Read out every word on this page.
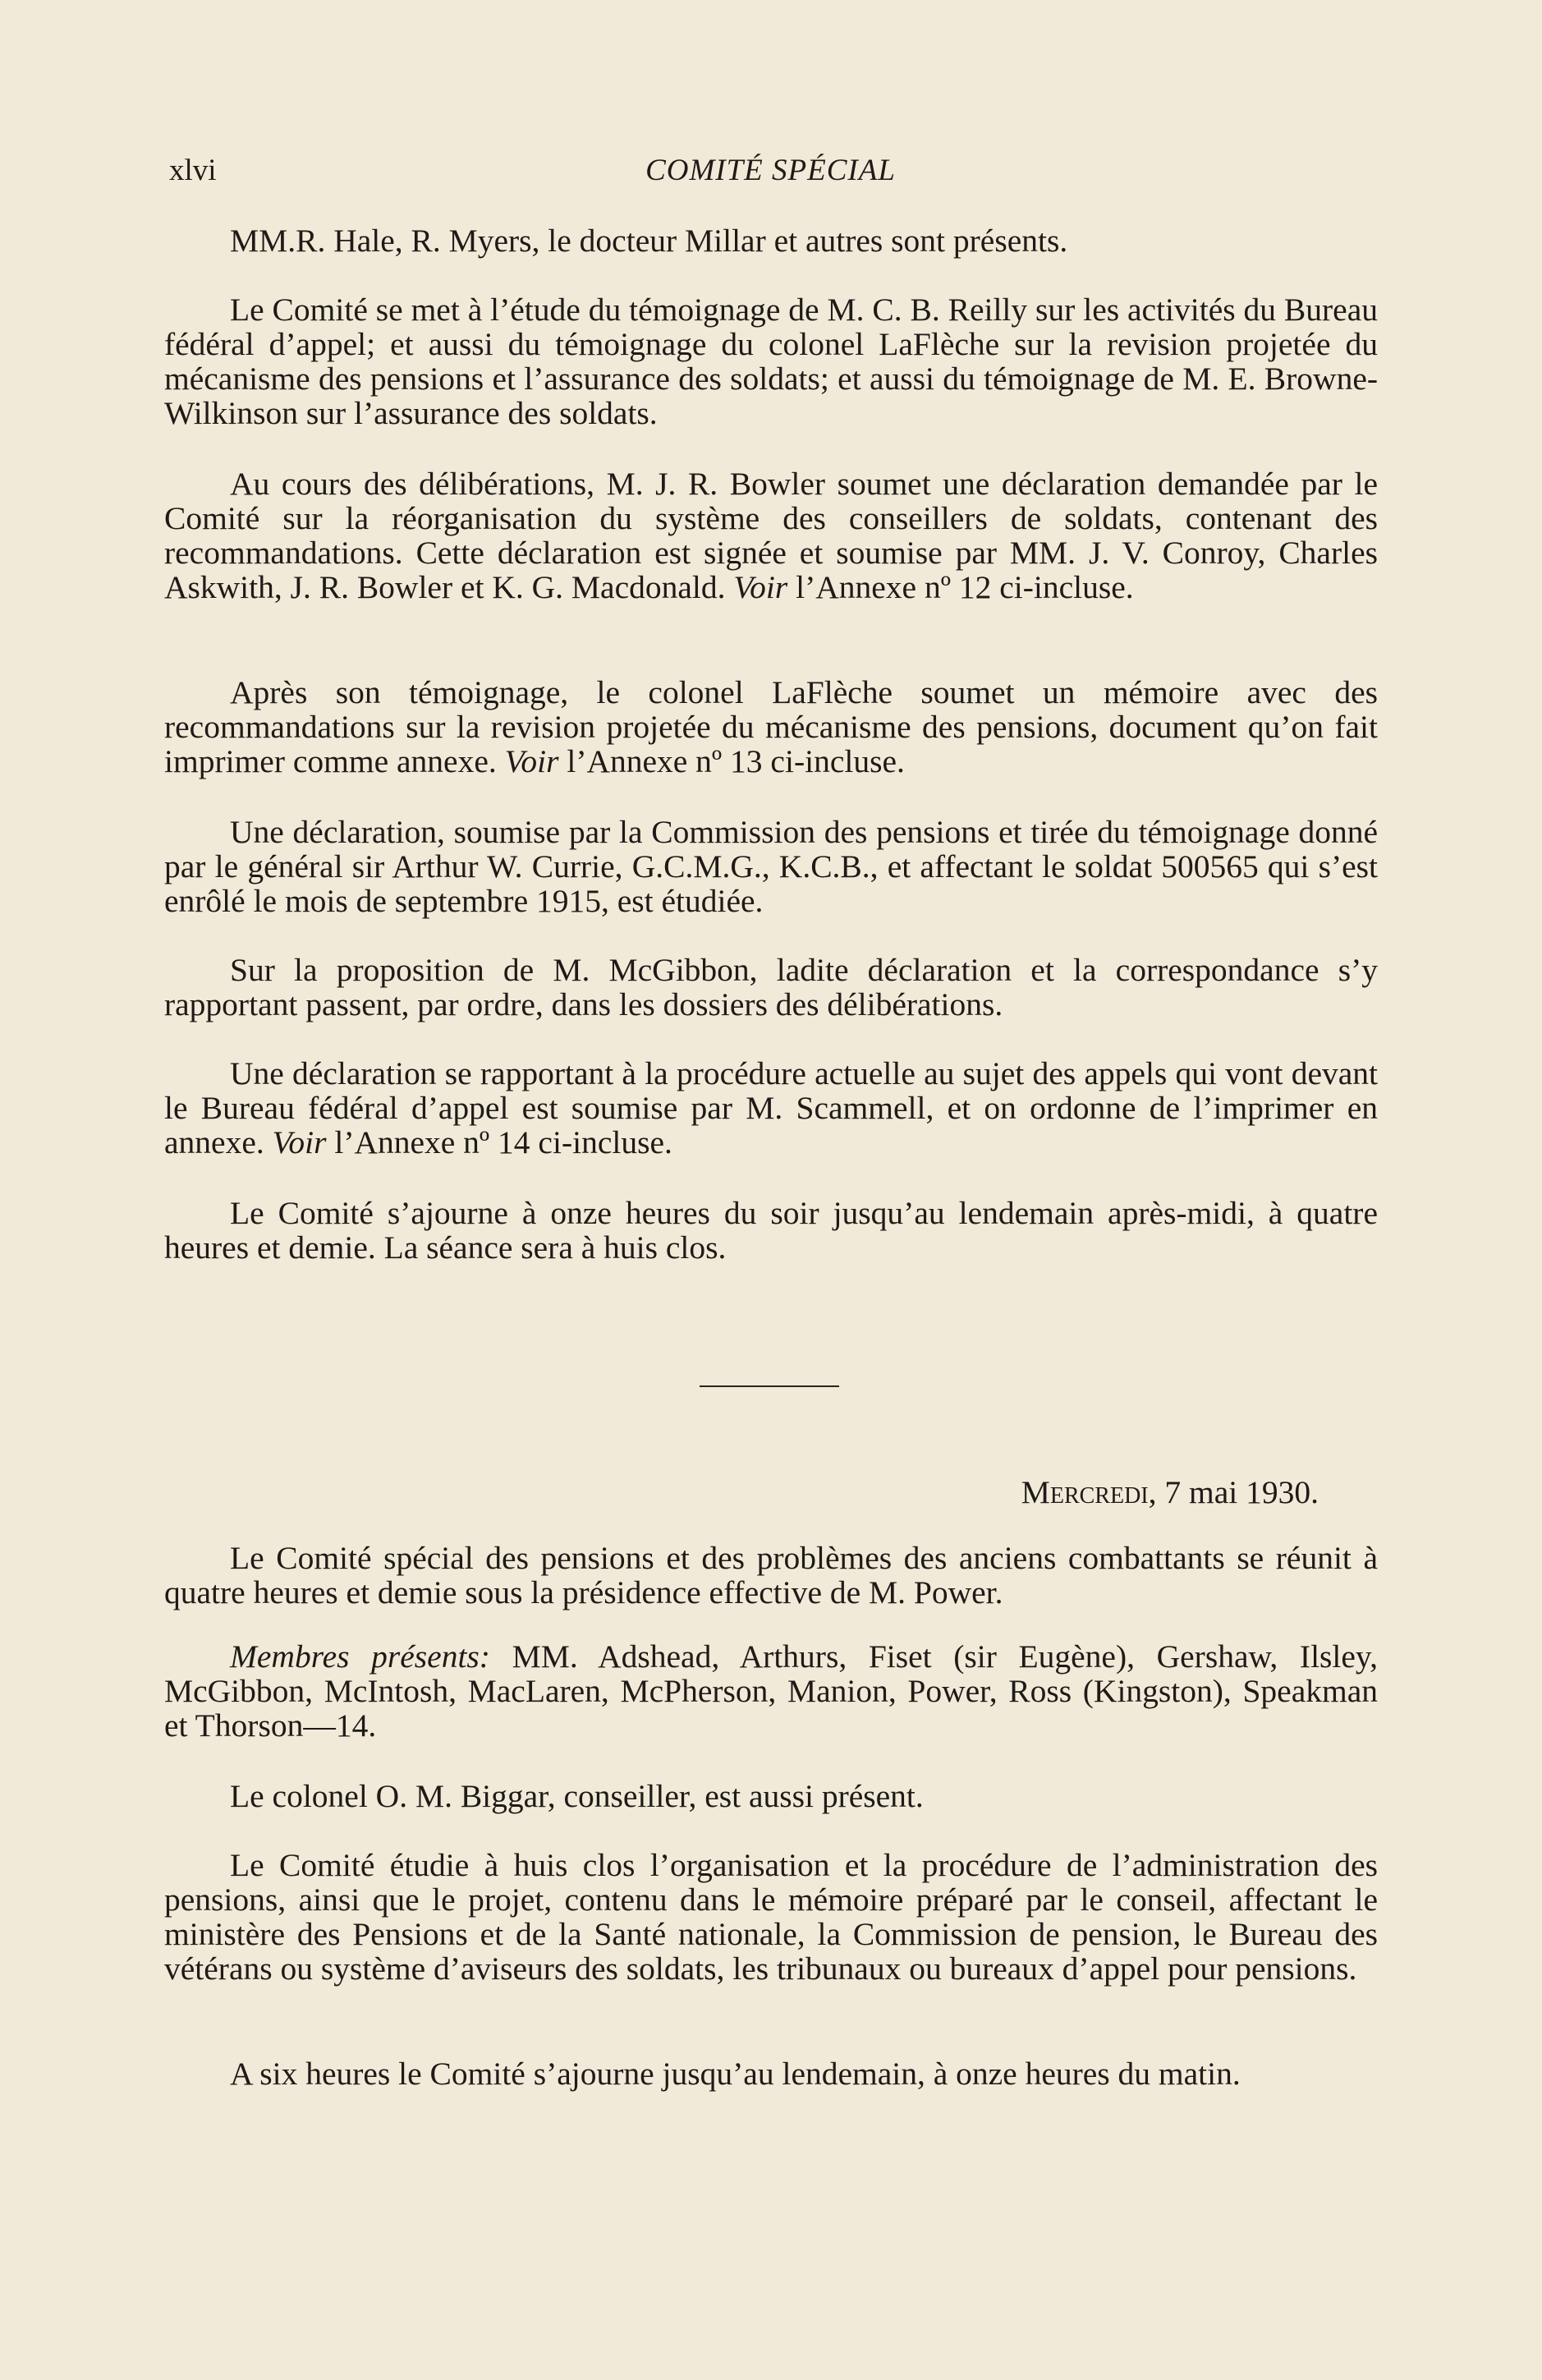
xlvi	COMITÉ SPÉCIAL

MM.R. Hale, R. Myers, le docteur Millar et autres sont présents.

Le Comité se met à l’étude du témoignage de M. C. B. Reilly sur les activités du Bureau fédéral d’appel; et aussi du témoignage du colonel LaFlèche sur la revision projetée du mécanisme des pensions et l’assurance des soldats; et aussi du témoignage de M. E. Browne-Wilkinson sur l’assurance des soldats.

Au cours des délibérations, M. J. R. Bowler soumet une déclaration demandée par le Comité sur la réorganisation du système des conseillers de soldats, contenant des recommandations. Cette déclaration est signée et soumise par MM. J. V. Conroy, Charles Askwith, J. R. Bowler et K. G. Macdonald. Voir l’Annexe nº 12 ci-incluse.

Après son témoignage, le colonel LaFlèche soumet un mémoire avec des recommandations sur la revision projetée du mécanisme des pensions, document qu’on fait imprimer comme annexe. Voir l’Annexe nº 13 ci-incluse.

Une déclaration, soumise par la Commission des pensions et tirée du témoignage donné par le général sir Arthur W. Currie, G.C.M.G., K.C.B., et affectant le soldat 500565 qui s’est enrôlé le mois de septembre 1915, est étudiée.

Sur la proposition de M. McGibbon, ladite déclaration et la correspondance s’y rapportant passent, par ordre, dans les dossiers des délibérations.

Une déclaration se rapportant à la procédure actuelle au sujet des appels qui vont devant le Bureau fédéral d’appel est soumise par M. Scammell, et on ordonne de l’imprimer en annexe. Voir l’Annexe nº 14 ci-incluse.

Le Comité s’ajourne à onze heures du soir jusqu’au lendemain après-midi, à quatre heures et demie. La séance sera à huis clos.

Mercredi, 7 mai 1930.

Le Comité spécial des pensions et des problèmes des anciens combattants se réunit à quatre heures et demie sous la présidence effective de M. Power.

Membres présents: MM. Adshead, Arthurs, Fiset (sir Eugène), Gershaw, Ilsley, McGibbon, McIntosh, MacLaren, McPherson, Manion, Power, Ross (Kingston), Speakman et Thorson—14.

Le colonel O. M. Biggar, conseiller, est aussi présent.

Le Comité étudie à huis clos l’organisation et la procédure de l’administration des pensions, ainsi que le projet, contenu dans le mémoire préparé par le conseil, affectant le ministère des Pensions et de la Santé nationale, la Commission de pension, le Bureau des vétérans ou système d’aviseurs des soldats, les tribunaux ou bureaux d’appel pour pensions.

A six heures le Comité s’ajourne jusqu’au lendemain, à onze heures du matin.
